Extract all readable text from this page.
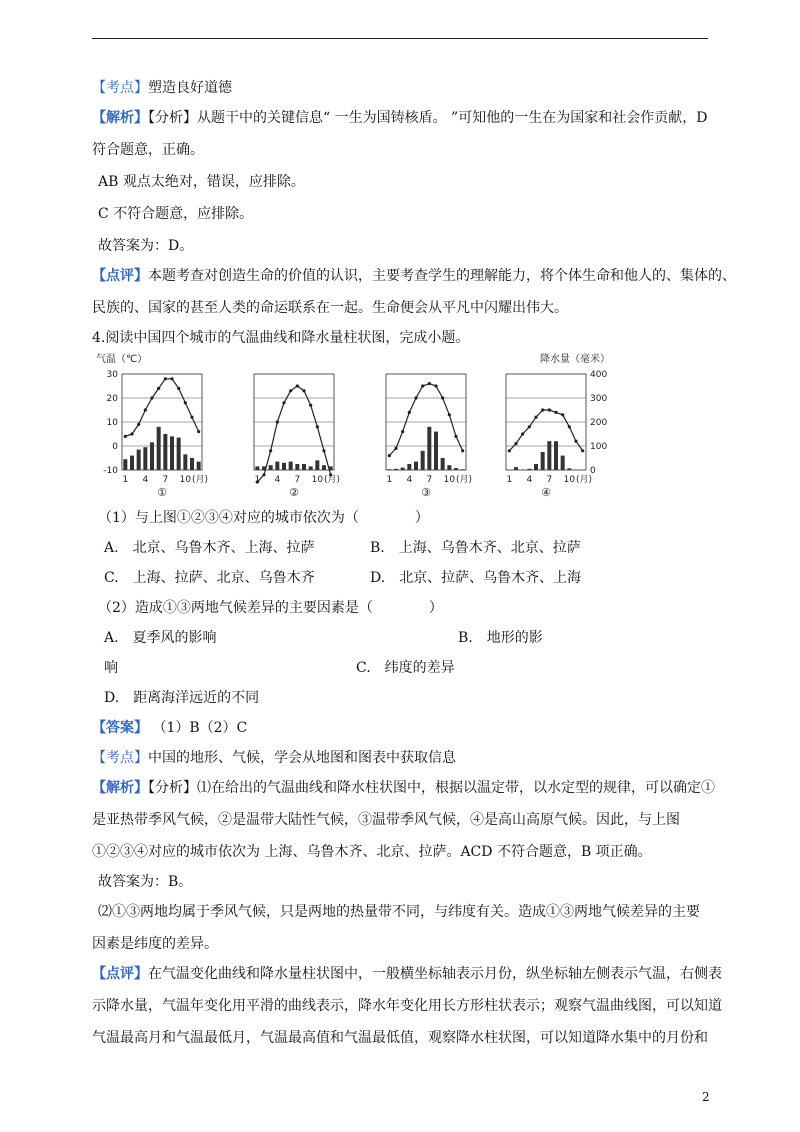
【考点】塑造良好道德
【解析】【分析】从题干中的关键信息“ 一生为国铸核盾。 ”可知他的一生在为国家和社会作贡献，D
符合题意，正确。
AB 观点太绝对，错误，应排除。
C 不符合题意，应排除。
故答案为：D。
【点评】本题考查对创造生命的价值的认识，主要考查学生的理解能力，将个体生命和他人的、集体的、
民族的、国家的甚至人类的命运联系在一起。生命便会从平凡中闪耀出伟大。
4.阅读中国四个城市的气温曲线和降水量柱状图，完成小题。
气温（℃）	降水量（毫米）
30
20
10
0
-10
400
300
200
100
0
1 4 7 10 (月)
①
1 4 7 10 (月)
②
1 4 7 10 (月)
③
1 4 7 10 (月)
④
（1）与上图①②③④对应的城市依次为（　　　　）
A.　 北京、乌鲁木齐、上海、拉萨	B.　 上海、乌鲁木齐、北京、拉萨
C.　 上海、拉萨、北京、乌鲁木齐	D.　 北京、拉萨、乌鲁木齐、上海
（2）造成①③两地气候差异的主要因素是（　　　　）
A.　 夏季风的影响	B.　 地形的影
响	C.　 纬度的差异
D.　 距离海洋远近的不同
【答案】 （1）B（2）C
【考点】中国的地形、气候，学会从地图和图表中获取信息
【解析】【分析】⑴在给出的气温曲线和降水柱状图中，根据以温定带，以水定型的规律，可以确定①
是亚热带季风气候，②是温带大陆性气候，③温带季风气候，④是高山高原气候。因此，与上图
①②③④对应的城市依次为 上海、乌鲁木齐、北京、拉萨。ACD 不符合题意，B 项正确。
故答案为：B。
⑵①③两地均属于季风气候，只是两地的热量带不同，与纬度有关。造成①③两地气候差异的主要
因素是纬度的差异。
【点评】在气温变化曲线和降水量柱状图中，一般横坐标轴表示月份，纵坐标轴左侧表示气温，右侧表
示降水量，气温年变化用平滑的曲线表示，降水年变化用长方形柱状表示；观察气温曲线图，可以知道
气温最高月和气温最低月，气温最高值和气温最低值，观察降水柱状图，可以知道降水集中的月份和
2
